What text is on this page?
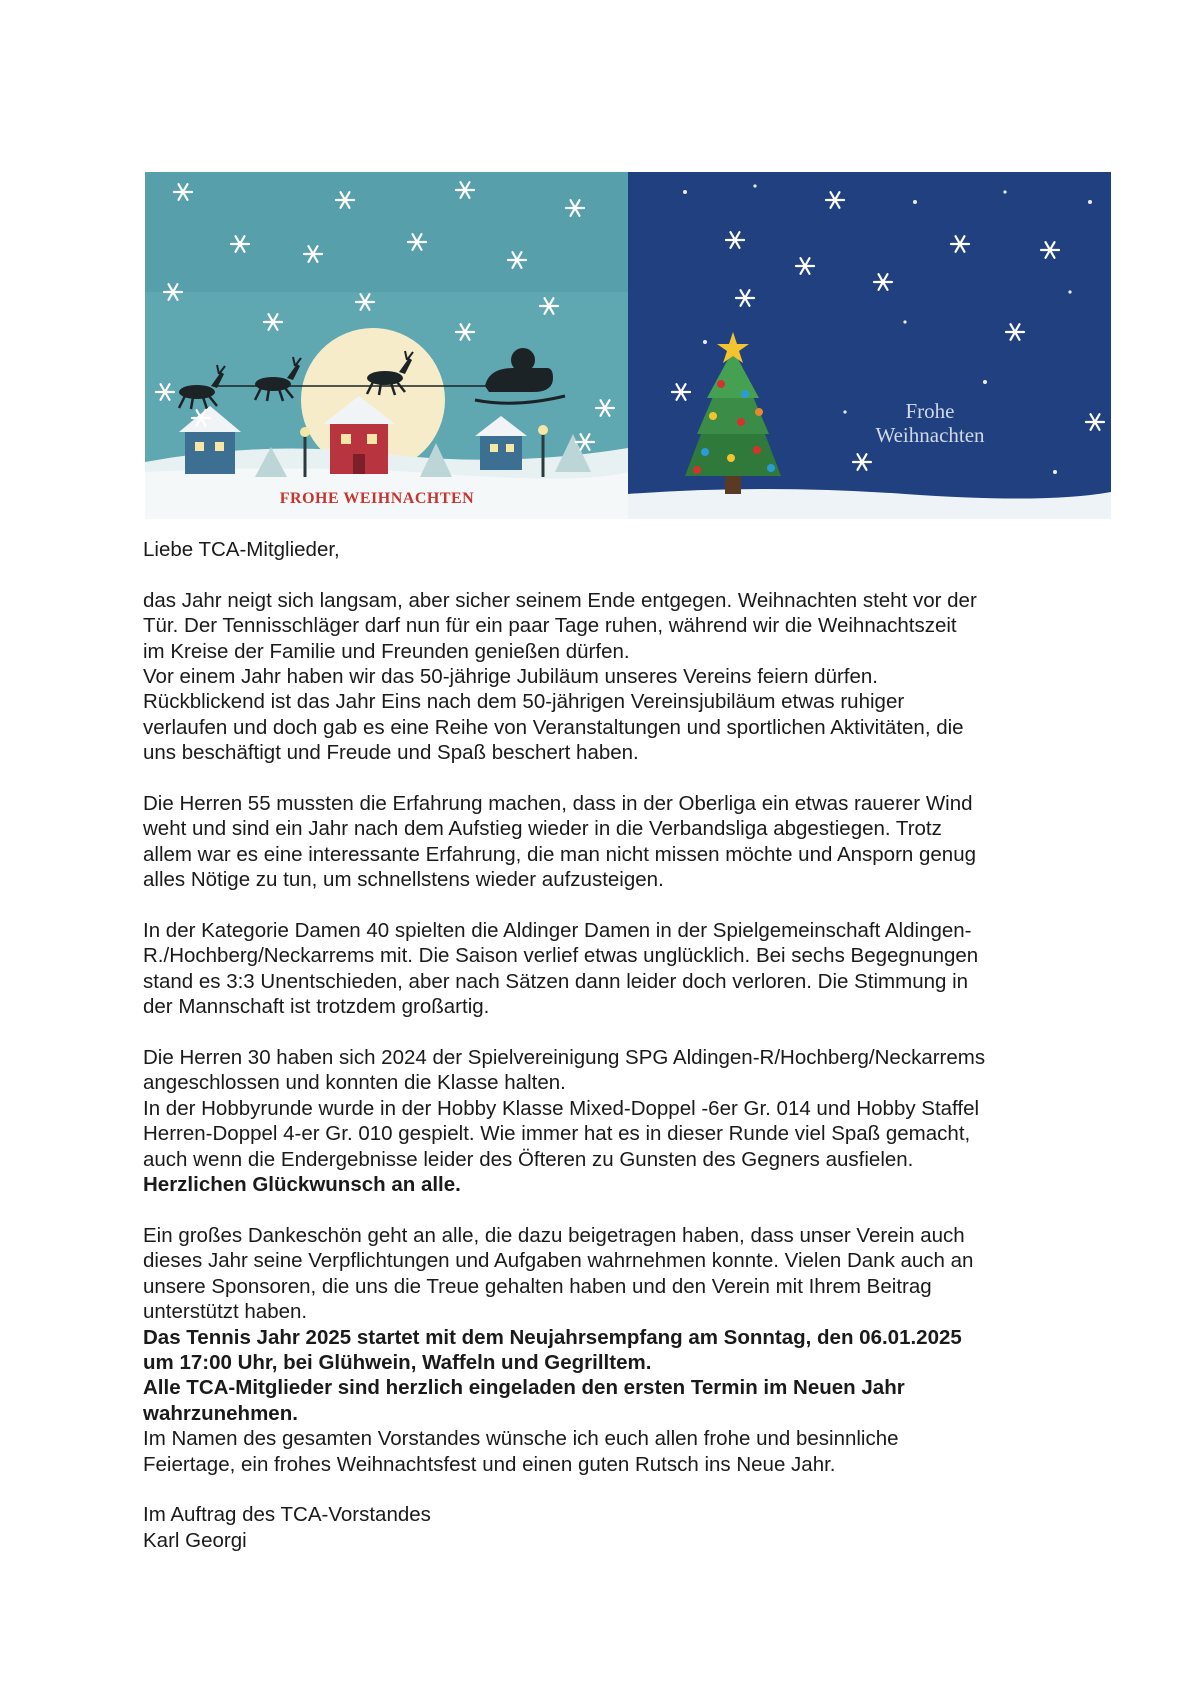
FROHE WEIHNACHTEN
Frohe
Weihnachten

Liebe TCA-Mitglieder,

das Jahr neigt sich langsam, aber sicher seinem Ende entgegen. Weihnachten steht vor der

Tür. Der Tennisschläger darf nun für ein paar Tage ruhen, während wir die Weihnachtszeit

im Kreise der Familie und Freunden genießen dürfen.

Vor einem Jahr haben wir das 50-jährige Jubiläum unseres Vereins feiern dürfen.

Rückblickend ist das Jahr Eins nach dem 50-jährigen Vereinsjubiläum etwas ruhiger

verlaufen und doch gab es eine Reihe von Veranstaltungen und sportlichen Aktivitäten, die

uns beschäftigt und Freude und Spaß beschert haben.

Die Herren 55 mussten die Erfahrung machen, dass in der Oberliga ein etwas rauerer Wind

weht und sind ein Jahr nach dem Aufstieg wieder in die Verbandsliga abgestiegen. Trotz

allem war es eine interessante Erfahrung, die man nicht missen möchte und Ansporn genug

alles Nötige zu tun, um schnellstens wieder aufzusteigen.

In der Kategorie Damen 40 spielten die Aldinger Damen in der Spielgemeinschaft Aldingen-

R./Hochberg/Neckarrems mit. Die Saison verlief etwas unglücklich. Bei sechs Begegnungen

stand es 3:3 Unentschieden, aber nach Sätzen dann leider doch verloren. Die Stimmung in

der Mannschaft ist trotzdem großartig.

Die Herren 30 haben sich 2024 der Spielvereinigung SPG Aldingen-R/Hochberg/Neckarrems

angeschlossen und konnten die Klasse halten.

In der Hobbyrunde wurde in der Hobby Klasse Mixed-Doppel -6er Gr. 014 und Hobby Staffel

Herren-Doppel 4-er Gr. 010 gespielt. Wie immer hat es in dieser Runde viel Spaß gemacht,

auch wenn die Endergebnisse leider des Öfteren zu Gunsten des Gegners ausfielen.

Herzlichen Glückwunsch an alle.

Ein großes Dankeschön geht an alle, die dazu beigetragen haben, dass unser Verein auch

dieses Jahr seine Verpflichtungen und Aufgaben wahrnehmen konnte. Vielen Dank auch an

unsere Sponsoren, die uns die Treue gehalten haben und den Verein mit Ihrem Beitrag

unterstützt haben.

Das Tennis Jahr 2025 startet mit dem Neujahrsempfang am Sonntag, den 06.01.2025

um 17:00 Uhr, bei Glühwein, Waffeln und Gegrilltem.

Alle TCA-Mitglieder sind herzlich eingeladen den ersten Termin im Neuen Jahr

wahrzunehmen.

Im Namen des gesamten Vorstandes wünsche ich euch allen frohe und besinnliche

Feiertage, ein frohes Weihnachtsfest und einen guten Rutsch ins Neue Jahr.

Im Auftrag des TCA-Vorstandes

Karl Georgi
